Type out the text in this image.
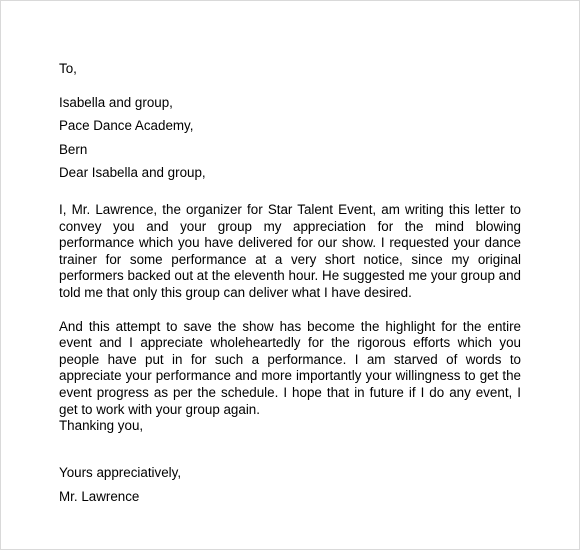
To,

Isabella and group,

Pace Dance Academy,

Bern

Dear Isabella and group,

I, Mr. Lawrence, the organizer for Star Talent Event, am writing this letter to convey you and your group my appreciation for the mind blowing performance which you have delivered for our show. I requested your dance trainer for some performance at a very short notice, since my original performers backed out at the eleventh hour. He suggested me your group and told me that only this group can deliver what I have desired.

And this attempt to save the show has become the highlight for the entire event and I appreciate wholeheartedly for the rigorous efforts which you people have put in for such a performance. I am starved of words to appreciate your performance and more importantly your willingness to get the event progress as per the schedule. I hope that in future if I do any event, I get to work with your group again.

Thanking you,

Yours appreciatively,

Mr. Lawrence
